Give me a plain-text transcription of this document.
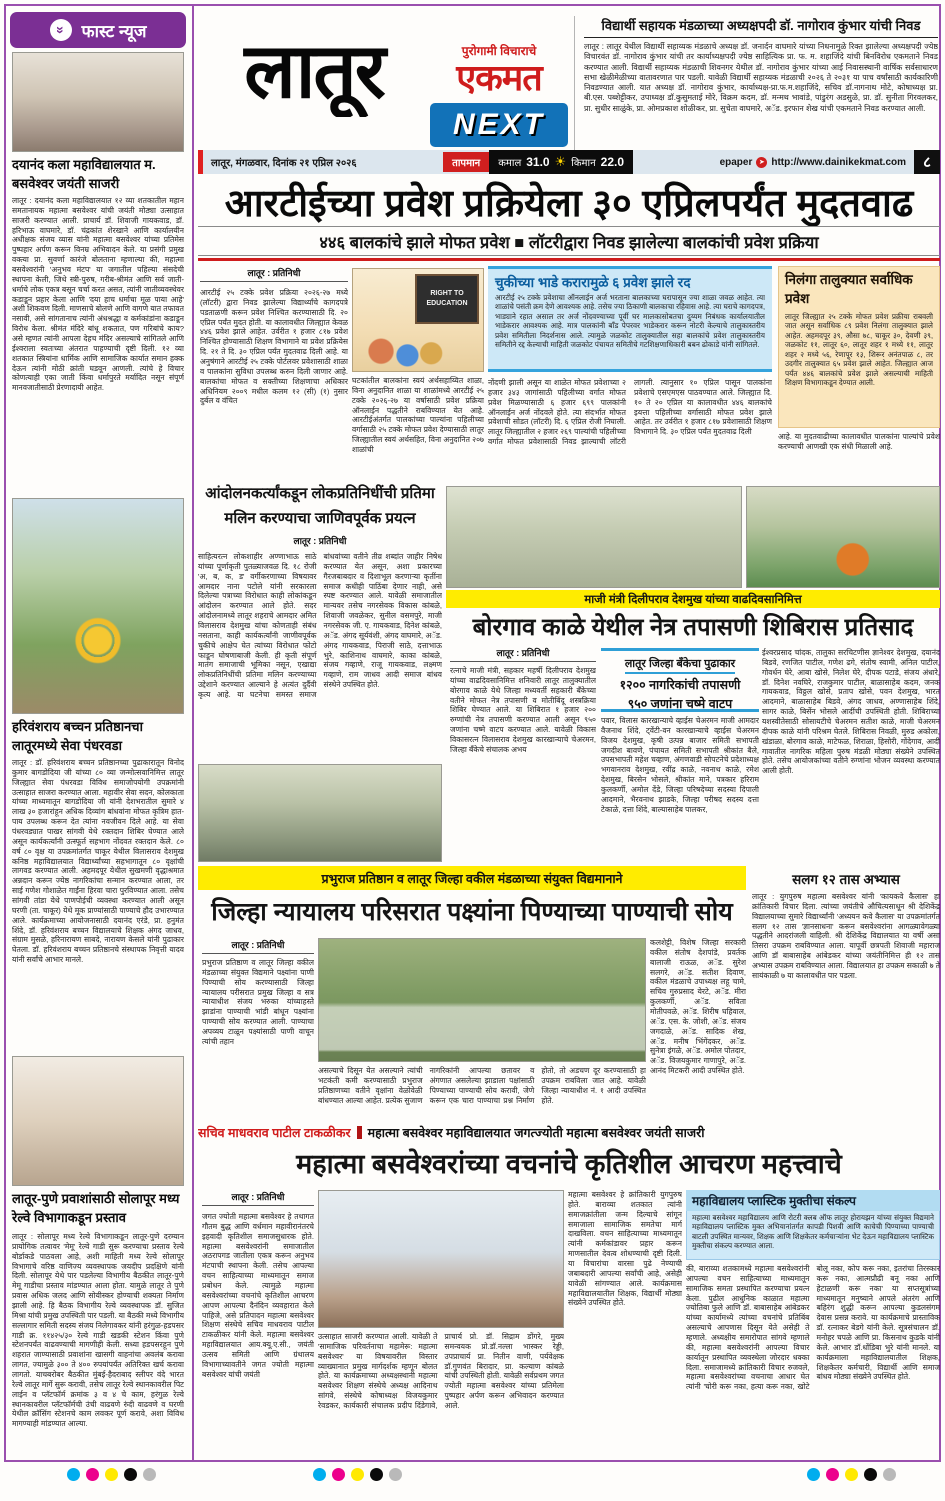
» फास्ट न्यूज
दयानंद कला महाविद्यालयात म. बसवेश्वर जयंती साजरी
लातूर : दयानंद कला महाविद्यालयात १२ व्या शतकातील महान समतानायक महात्मा बसवेश्वर यांची जयंती मोठ्या उत्साहात साजरी करण्यात आली. प्राचार्य डॉ. शिवाजी गायकवाड, डॉ. हरिभाऊ वाघमारे, डॉ. चंद्रकांत शेरखाने आणि कार्यालयीन अधीक्षक संजय व्यास यांनी महात्मा बसवेश्वर यांच्या प्रतिमेस पुष्पहार अर्पण करून विनम्र अभिवादन केले. या प्रसंगी प्रमुख वक्त्या प्रा. सुवर्णा कारंजे बोलताना म्हणाल्या की, महात्मा बसवेश्वरांनी 'अनुभव मंटप' या जगातील पहिल्या संसदेची स्थापना केली, जिथे स्त्री-पुरुष, गरीब-श्रीमंत आणि सर्व जाती-धर्माचे लोक एकत्र बसून चर्चा करत असत, त्यांनी जातीव्यवस्थेवर कडाडून प्रहार केला आणि 'दया हाच धर्माचा मूळ पाया आहे' अशी शिकवण दिली. माणसाचे बोलणे आणि वागणे यात तफावत नसावी, असे सांगतानाच त्यांनी अंधश्रद्धा व कर्मकांडांना कडाडून विरोध केला. श्रीमंत मंदिरे बांधू शकतात, पण गरिबांचे काय? असे म्हणत त्यांनी आपला देहच मंदिर असल्याचे सांगितले आणि ईश्वराला स्वतःच्या अंतरात पाहण्याची दृष्टी दिली. १२ व्या शतकात स्त्रियांना धार्मिक आणि सामाजिक कार्यात समान हक्क देऊन त्यांनी मोठी क्रांती घडवून आणली. त्यांचे हे विचार कोणत्याही एका जाती किंवा धर्मापुरते मर्यादित नसून संपूर्ण मानवजातीसाठी प्रेरणादायी आहेत.
हरिवंशराय बच्चन प्रतिष्ठानचा लातूरमध्ये सेवा पंधरवडा
लातूर : डॉ. हरिवंशराय बच्चन प्रतिष्ठानच्या पुढाकारातून विनोद कुमार बागडोदिया जी यांच्या ८० व्या जन्मोत्सवानिमित्त लातूर जिल्ह्यात सेवा पंधरवडा विविध समाजोपयोगी उपक्रमांनी उत्साहात साजरा करण्यात आला. महावीर सेवा सदन, कोलकाता यांच्या माध्यमातून बागडोदिया जी यांनी देशभरातील सुमारे ४ लाख ३० हजारांहून अधिक दिव्यांग बांधवांना मोफत कृत्रिम हात-पाय उपलब्ध करून देत त्यांना नवजीवन दिले आहे. या सेवा पंधरवड्यात पाखर सांगवी येथे रक्तदान शिबिर घेण्यात आले असून कार्यकर्त्यांनी उत्स्फूर्त सहभाग नोंदवत रक्तदान केले. ८० वर्ष ८० वृक्ष या उपक्रमांतर्गत चाकूर येथील विलासराव देशमुख कनिष्ठ महाविद्यालयात विद्यार्थ्यांच्या सहभागातून ८० वृक्षांची लागवड करण्यात आली. अहमदपूर येथील सुखमणी वृद्धाश्रमात अन्नदान करून ज्येष्ठ नागरिकांचा सन्मान करण्यात आला, तर साई गणेश गोशाळेत गाईंना हिरवा चारा पुरविण्यात आला. तसेच सांगवी तांडा येथे पाणपोईची व्यवस्था करण्यात आली असून घरणी (ता. चाकूर) येथे मूक प्राण्यांसाठी पाण्याचे हौद उभारण्यात आले. कार्यक्रमाच्या आयोजनासाठी दयानंद एरंडे, प्रा. हनुमंत शिंदे, डॉ. हरिवंशराय बच्चन विद्यालयाचे शिक्षक अंगद जाधव, संग्राम मुसळे, हरिनारायण साबदे, नारायण केसले यांनी पुढाकार घेतला. डॉ. हरिवंशराय बच्चन प्रतिष्ठानचे संस्थापक निवृत्ती यादव यांनी सर्वांचे आभार मानले.
लातूर-पुणे प्रवाशांसाठी सोलापूर मध्य रेल्वे विभागाकडून प्रस्ताव
लातूर : सोलापूर मध्य रेल्वे विभागाकडून लातूर-पुणे दरम्यान प्रायोगिक तत्वावर 'मेमू' रेल्वे गाडी सुरू करण्याचा प्रस्ताव रेल्वे बोर्डाकडे पाठवला आहे, अशी माहिती मध्य रेल्वे सोलापूर विभागाचे वरिष्ठ वाणिज्य व्यवस्थापक जयदीप प्रदक्षिणे यांनी दिली. सोलापूर येथे पार पडलेल्या विभागीय बैठकीत लातूर-पुणे मेमू गाडीचा प्रस्ताव मांडण्यात आला होता. यामुळे लातूर ते पुणे प्रवास अधिक जलद आणि सोयीस्कर होण्याची शक्यता निर्माण झाली आहे. हि बैठक विभागीय रेल्वे व्यवस्थापक डॉ. सुजित मिश्रा यांची प्रमुख उपस्थिती पार पडली. या बैठकी मध्ये विभागीय सल्लागार समिती सदस्य संजय निलेगावकर यांनी हरंगुळ-हडपसर गाडी क्र. ११४२५/३० रेल्वे गाडी खडकी स्टेशन किंवा पुणे स्टेशनपर्यंत वाढवण्याची मागणीही केली. सध्या हडपसरहून पुणे शहरात जाण्यासाठी प्रवाशांना खासगी वाहनांचा अवलंब करावा लागत, ज्यामुळे ३०० ते ४०० रुपयांपर्यंत अतिरिक्त खर्च करावा लागतो. याचबरोबर बैठकीत मुंबई-हैदराबाद स्लीपर वंदे भारत रेल्वे लातूर मार्गे सुरू करावी, तसेच लातूर रेल्वे स्थानकावरील पिट लाईन व प्लॅटफॉर्म क्रमांक ३ व ४ चे काम, हरंगुळ रेल्वे स्थानकावरील प्लॅटफॉर्मची उंची वाढवणे रुंदी वाढवणे व घरणी येथील क्रॉसिंग स्टेशनचे काम लवकर पूर्ण करावे, अशा विविध मागण्याही मांडण्यात आल्या.
लातूर	पुरोगामी विचाराचे
एकमत
NEXT
विद्यार्थी सहायक मंडळाच्या अध्यक्षपदी डॉ. नागोराव कुंभार यांची निवड
लातूर : लातूर येथील विद्यार्थी सहाय्यक मंडळाचे अध्यक्ष डॉ. जनार्दन वाघमारे यांच्या निधनामुळे रिक्त झालेल्या अध्यक्षपदी ज्येष्ठ विचारवंत डॉ. नागोराव कुंभार यांची तर कार्याध्यक्षपदी ज्येष्ठ साहित्यिक प्रा. फ. म. शहाजिंदे यांची बिनविरोध एकमताने निवड करण्यात आली. विद्यार्थी सहाय्यक मंडळाची शिवनगर येथील डॉ. नागोराव कुंभार यांच्या आई निवासस्थानी वार्षिक सर्वसाधारण सभा खेळीमेळीच्या वातावरणात पार पडली. यावेळी विद्यार्थी सहाय्यक मंडळाची २०२६ ते २०३१ या पाच वर्षांसाठी कार्यकारिणी निवडण्यात आली. यात अध्यक्ष डॉ. नागोराव कुंभार, कार्याध्यक्ष-प्रा.फ.म.शहाजिंदे, सचिव डॉ.नागनाथ मोटे, कोषाध्यक्ष प्रा. बी.एस. पब्शेट्टीकर, उपाध्यक्ष डॉ.कुसुमताई मोरे, विक्रम कदम, डॉ. मन्मथ भावांडे, पांडुरंग अडसुळे, प्रा. डॉ. सुनीता गिरवलकर, प्रा. सुधीर साळुंके, प्रा. ओमप्रकाश शोळीकर, प्रा. सुचेता वाघमारे, अॅड. इरफान शेख यांची एकमताने निवड करण्यात आली.
लातूर, मंगळवार, दिनांक २१ एप्रिल २०२६	तापमान	कमाल 31.0 ☀ किमान 22.0	epaper ➤ http://www.dainikekmat.com	८
आरटीईच्या प्रवेश प्रक्रियेला ३० एप्रिलपर्यंत मुदतवाढ
४४६ बालकांचे झाले मोफत प्रवेश ■ लॉटरीद्वारा निवड झालेल्या बालकांची प्रवेश प्रक्रिया
लातूर : प्रतिनिधी
आरटीई २५ टक्के प्रवेश प्रक्रिया २०२६-२७ मध्ये (लॉटरी) द्वारा निवड झालेल्या विद्यार्थ्यांचे कागदपत्रे पडताळणी करून प्रवेश निश्चित करण्यासाठी दि. २० एप्रिल पर्यंत मुदत होती. या कालावधीत जिल्ह्यात केवळ ४४६ प्रवेश झाले आहेत. उर्वरीत १ हजार ८१७ प्रवेश निश्चित होण्यासाठी शिक्षण विभागाने या प्रवेश प्रक्रियेस दि. २१ ते दि. ३० एप्रिल पर्यंत मुदतवाढ दिली आहे. या अनुषंगाने आरटीई २५ टक्के पोर्टलवर प्रवेशासाठी शाळा व पालकांना सुविधा उपलब्ध करुन दिली जाणार आहे. बालकांचा मोफत व सक्तीच्या शिक्षणाचा अधिकार अधिनियम २००९ मधील कलम १२ (सी) (१) नुसार दुर्बल व वंचित
RIGHT TO EDUCATION
घटकांतील बालकांना स्वयं अर्थसहाय्यित शाळा, विना अनुदानित शाळा या शाळांमध्ये आरटीई २५ टक्के २०२६-२७ या वर्षासाठी प्रवेश प्रक्रिया ऑनलाईन पद्धतीने राबविण्यात येत आहे. आरटीईअंतर्गत पालकांच्या पाल्यांना पहिलीच्या वर्गासाठी २५ टक्के मोफत प्रवेश देण्यासाठी लातूर जिल्ह्यातील स्वयं अर्थसहित, विना अनुदानित २०७ शाळांची
चुकीच्या भाडे करारामुळे ६ प्रवेश झाले रद
आरटीई २५ टक्के प्रवेशाचा ऑनलाईन अर्ज भरताना बालकाच्या घरापासून ज्या शाळा जवळ आहेत. त्या शाळांचे पसंती क्रम देणे आवश्यक आहे. तसेच ज्या ठिकाणी बालकाचा रहिवास आहे. त्या घराचे कागदपत्र, भाड्याने रहात असाल तर अर्ज नोंदवण्याच्या पूर्वी घर मालकासोबतचा दुय्यम निबंधक कार्यालयातील भाडेकरार आवश्यक आहे. मात्र पालकांनी बॉंड पेपरवर भाडेकरार करून नोटरी केल्याचे तालुकास्तरीय प्रवेश समितीला निदर्शनास आले. त्यामुळे जळकोट तालुक्यातील सहा बालकांचे प्रवेश तालुकास्तरीय समितीने रद्द केल्याची माहिती जळकोट पंचायत समितीचे गटशिक्षणाधिकारी बबन ढोकाडे यांनी सांगितले.
नोंदणी झाली असून या शाळेत मोफत प्रवेशाच्या २ हजार ३४३ जागांसाठी पहिलीच्या वर्गात मोफत प्रवेश मिळण्यासाठी ६ हजार ६९९ पालकांनी ऑनलाईन अर्ज नोंदवले होते. त्या संदर्भात मोफत प्रवेशाची सोडत (लॉटरी) दि. ६ एप्रिल रोजी निघाली. लातूर जिल्ह्यातील २ हजार २६९ पाल्यांची पहिलीच्या वर्गात मोफत प्रवेशासाठी निवड झाल्याची लॉटरी लागली. त्यानुसार १० एप्रिल पासून पालकांना प्रवेशाचे एसएमएस पाठवण्यात आले. जिल्ह्यात दि. १० ते २० एप्रिल या कालावधीत ४४६ बालकांचे इयत्ता पहिलीच्या वर्गासाठी मोफत प्रवेश झाले आहेत. तर उर्वरीत १ हजार ८१७ प्रवेशासाठी शिक्षण विभागाने दि. ३० एप्रिल पर्यंत मुदतवाढ दिली
निलंगा तालुक्यात सर्वाधिक प्रवेश
लातूर जिल्ह्यात २५ टक्के मोफत प्रवेश प्रक्रीया राबवली जात असून सर्वाधिक ८९ प्रवेश निलंगा तालुक्यात झाले आहेत. अहमदपूर ३९, औसा ७८, चाकूर ३०, देवणी ३९, जळकोट ११, लातूर ६०, लातूर शहर १ मध्ये ११, लातूर शहर २ मध्ये ५६, रेणापूर १३, शिरूर अनंतपाळ ८, तर उदगीर तालुक्यात ६५ प्रवेश झाले आहेत. जिल्ह्यात आज पर्यंत ४४६ बालकांचे प्रवेश झाले असल्याची माहिती शिक्षण विभागाकडून देण्यात आली.
आहे. या मुदतवाढीच्या कालावधीत पालकांना पाल्यांचे प्रवेश करण्याची आणखी एक संधी मिळाली आहे.
आंदोलनकर्त्यांकडून लोकप्रतिनिधींची प्रतिमा मलिन करण्याचा जाणिवपूर्वक प्रयत्न
लातूर : प्रतिनिधी
साहित्यरत्न लोकशाहीर अण्णाभाऊ साठे यांच्या पूर्णाकृती पुतळ्याजवळ दि. १८ रोजी 'अ, ब, क, ड' वर्गीकरणाच्या विषयावर आमदार नाना पटोले यांनी सरकारला दिलेल्या पत्राच्या विरोधात काही लोकांकडून आंदोलन करण्यात आले होते. सदर आंदोलनामध्ये लातूर शहराचे आमदार अमित विलासराव देशमुख यांचा कोणताही संबंध नसताना, काही कार्यकर्त्यांनी जाणीवपूर्वक चुकीचे आक्षेप घेत त्यांच्या विरोधात फोटो फाडून घोषणाबाजी केली. ही कृती संपूर्ण मातंग समाजाची भूमिका नसून, एखाद्या लोकप्रतिनिधींची प्रतिमा मलिन करण्याच्या उद्देशाने करण्यात आल्याने हे अत्यंत दुर्दैवी कृत्य आहे. या घटनेचा समस्त समाज बांधवांच्या वतीने तीव्र शब्दांत जाहीर निषेध करण्यात येत असून, अशा प्रकारच्या गैरजबाबदार व दिशाभूल करणाऱ्या कृतींना समाज कधीही पाठिंबा देणार नाही, असे स्पष्ट करण्यात आले. यावेळी समाजातील मान्यवर तसेच नगरसेवक विकास कांबळे, शिवाजी जवळेकर, सुनील वसमपुरे, माजी नगरसेवक जी. ए. गायकवाड, दिनेश कांबळे, अॅड. अंगद सूर्यवंशी, अंगद वाघमारे, अॅड. अंगद गायकवाड, पिराजी साठे, दत्ताभाऊ भुरे, काशिनाथ वाघमारे, काका कांबळे, संजय गव्हाणे, राजू गायकवाड, लक्ष्मण गव्हाणे, राम जाधव आदी समाज बांधव संस्थेने उपस्थित होते.
माजी मंत्री दिलीपराव देशमुख यांच्या वाढदिवसानिमित्त
बोरगाव काळे येथील नेत्र तपासणी शिबिरास प्रतिसाद
लातूर : प्रतिनिधी
रत्नाचे माजी मंत्री, सहकार महर्षी दिलीपराव देशमुख यांच्या वाढदिवसानिमित्त शनिवारी लातूर तालुक्यातील बोरगाव काळे येथे जिल्हा मध्यवर्ती सहकारी बँकेच्या वतीने मोफत नेत्र तपासणी व मोतीबिंदू शस्त्रक्रिया शिबिर घेण्यात आले. या शिबिरात १ हजार २०० रुग्णांची नेत्र तपासणी करण्यात आली असून ९५० जणांना चष्मे वाटप करण्यात आले. यावेळी विकास विकासरत्न विलासराव देशमुख कारखान्याचे चेअरमन, जिल्हा बँकेचे संचालक अभय
लातूर जिल्हा बँकेचा पुढाकार
१२०० नागरिकांची तपासणी
९५० जणांना चष्मे वाटप
पवार, विलास कारखान्याचे व्हाईस चेअरमन माजी आमदार वैजनाथ शिंदे, ट्वेंटी-वन कारखान्याचे व्हाईस चेअरमन विजय देशमुख, कृषी उत्पन्न बाजार समिती सभापती जगदीश बावणे, पंचायत समिती सभापती श्रीकांत बैले, उपसभापती महेश चव्हाण, अंगणवाडी सोपटनेचे प्रदेशाध्यक्ष भगवानराव देशमुख, रवींद्र काळे, नवनाथ काळे, रमेश देशमुख, बिरसेन भोसले, श्रीकांत माने, पत्रकार हरिराम कुलकर्णी, अमोल देंडे, जिल्हा परिषदेच्या सदस्या दिपाली आदमाने, भैरवनाथ झाडके, जिल्हा परीषद सदस्य दत्ता टेकाळे, दत्ता शिंदे, बाल्यासाहेब पालकर,
ईश्वरप्रसाद चांदक, तालुका सरचिटणीस ज्ञानेश्वर देशमुख, दयानंद बिडवे, रणजित पाटील, गणेश ढगे, संतोष स्वामी, अनिल पाटील, गोवर्धन घेरे, आबा खोसे, निलेश घेरे, दीपक पटाडे, संजय अंधारे, डॉ. दिनेश नवघिरे, राजकुमार पाटील, बाळासाहेब कदम, जनक गायकवाड, विठ्ठल खोसे, प्रताप खोसे, पवन देशमुख, भारत आदमाने, बाळासाहेब बिडवे, अंगद जाधव, अण्णासाहेब शिंदे, सागर काळे, बिर्सेन भोसले आदींची उपस्थिती होती. शिबिराच्या यशस्वीतेसाठी सोसायटीचे चेअरमन सतीश काळे, माजी चेअरमन दीपक काळे यांनी परिश्रम घेतले. शिबिरास निवळी, मुरुड अकोला, खंडाळा, बोरगाव काळे, माटेफळ, शिराळा, हिसोरी, गोंदेगाव, आदी गावातील नागरिक महिला पुरुष मंडळी मोठ्या संख्येने उपस्थित होते. तसेच आयोजकांच्या वतीने रुग्णांना भोजन व्यवस्था करण्यात आली होती.
प्रभुराज प्रतिष्ठान व लातूर जिल्हा वकील मंडळाच्या संयुक्त विद्यमानाने
जिल्हा न्यायालय परिसरात पक्ष्यांना पिण्याच्या पाण्याची सोय
लातूर : प्रतिनिधी
प्रभुराज प्रतिष्ठाण व लातूर जिल्हा वकील मंडळाच्या संयुक्त विद्यमाने पक्ष्यांना पाणी पिण्याची सोय करण्यासाठी जिल्हा न्यायालय परीसरात प्रमुख जिल्हा व सत्र न्यायाधीश संजय भरुका यांच्याहस्ते झाडांना पाण्याची भांडी बांधून पक्ष्यांना पाण्याची सोय करण्यात आली. पाण्याचा अपव्यय टाळून पक्ष्यांसाठी पाणी वाचून त्यांची तहान
कलशेट्टी, विशेष जिल्हा सरकारी वकील संतोष देशपांडे, प्रवर्तक बालाजी राऊळ, अॅड. सुरेश सलगरे, अॅड. सतीश दिवाण, वकील मंडळाचे उपाध्यक्ष लहू चामे, सचिव गुरुप्रसाद येरटे, अॅड. मीरा कुलकर्णी, अॅड. सविता मोतीपवळे, अॅड. शिरीष घहिवाल, अॅड. एस. के. जोशी, अॅड. संजय जगदाळे, अॅड. सादिक शेख, अॅड. मनीष भिंगेंदकर, अॅड. सुनेत्रा इंगळे, अॅड. अमोल पोतदार, अॅड. विजयकुमार गाणापुरे, अॅड. आनंद मिटकरी आदी उपस्थित होते.
असल्याचे दिसून येत असल्याने त्यांची भटकंती कमी करण्यासाठी प्रभुराज प्रतिष्ठाणच्या वतीने वृक्षांना वेळोवेळी बांधण्यात आल्या आहेत. प्रत्येक सुजाण नागरिकांनी आपल्या छतावर व अंगणात असलेल्या झाडाला पक्षांसाठी पिण्याच्या पाण्याची सोय करावी, जेणे करून एक चारा पाण्याचा प्रश्न निर्माण होतो, तो अडचण दूर करण्यासाठी हा उपक्रम राबविला जात आहे. यावेळी जिल्हा न्यायाधीश नं. १ आदी उपस्थित होते.
सलग १२ तास अभ्यास
लातूर : युगपुरुष महात्मा बसवेश्वर यांनी 'कायकवे कैलास' हा क्रांतिकारी विचार दिला. त्यांच्या जयंतीचे औचित्यसाधून श्री देशिकेंद्र विद्यालयाच्या सुमारे विद्यार्थ्यांनी 'अध्ययन कवे कैलास' या उपक्रमांतर्गत सलग १२ तास 'ज्ञानसाधना' करून बसवेश्वरांना आगळ्यावेगळ्या पद्धतीने आदरांजली वाहिली. श्री देशिकेंद्र विद्यालयात या वर्षी असा तिसरा उपक्रम राबविण्यात आला. यापूर्वी छत्रपती शिवाजी महाराज आणि डॉ बाबासाहेब आंबेडकर यांच्या जयंतीनिमित्त ही १२ तास अभ्यास उपक्रम राबविण्यात आला. विद्यालयात हा उपक्रम सकाळी ७ ते सायंकाळी ७ या कालावधीत पार पडला.
सचिव माधवराव पाटील टाकळीकर महात्मा बसवेश्वर महाविद्यालयात जगत्ज्योती महात्मा बसवेश्वर जयंती साजरी
महात्मा बसवेश्वरांच्या वचनांचे कृतिशील आचरण महत्त्वाचे
लातूर : प्रतिनिधी
जगत ज्योती महात्मा बसवेश्वर हे तथागत गौतम बुद्ध आणि वर्धमान महावीरानंतरचे इहवादी कृतिशील समाजसुधारक होते. महात्मा बसवेश्वरांनी समाजातील अठरापगड जातीला एकत्र करून अनुभव मंटपाची स्थापना केली. तसेच आपल्या वचन साहित्याच्या माध्यमातून समाज प्रबोधन केले. त्यामुळे महात्मा बसवेश्वरांच्या वचनांचे कृतिशील आचरण आपण आपल्या दैनंदिन व्यवहारात केले पाहिजे, असे प्रतिपादन महात्मा बसवेश्वर शिक्षण संस्थेचे सचिव माधवराव पाटील टाकळीकर यांनी केले. महात्मा बसवेश्वर महाविद्यालयात आय.क्यू.ए.सी., जयंती उत्सव समिती आणि ग्रंथालय विभागाच्यावतीने जगत ज्योती महात्मा बसवेश्वर यांची जयंती
उत्साहात साजरी करण्यात आली. यावेळी ते 'सामाजिक परिवर्तनाचा महामेरू: महात्मा बसवेश्वर' या विषयावरील विस्तार व्याख्यानात प्रमुख मार्गदर्शक म्हणून बोलत होते. या कार्यक्रमाच्या अध्यक्षस्थानी महात्मा बसवेश्वर शिक्षण संस्थेचे अध्यक्ष आदिनाथ सांगवे, संस्थेचे कोषाध्यक्ष विजयकुमार रेवडकर, कार्यकारी संचालक प्रदीप दिंडेगावे, प्राचार्य प्रो. डॉ. सिद्राम डोंगरे, मुख्य समन्वयक प्रो.डॉ.नल्ला भास्कर रेड्डी, उपप्राचार्य प्रा. नितीन वाणी, पर्यवेक्षक डॉ.गुणवंत बिरादार, प्रा. कल्याण कांबळे यांची उपस्थिती होती. यावेळी सर्वप्रथम जगत ज्योती महात्मा बसवेश्वर यांच्या प्रतिमेला पुष्पहार अर्पण करून अभिवादन करण्यात आले.
महात्मा बसवेश्वर हे क्रांतिकारी युगपुरुष होते. बाराव्या शतकात त्यांनी समाजक्रांतीला जन्म दिल्याचे सांगून समाजाला सामाजिक समतेचा मार्ग दाखविला. वचन साहित्याच्या माध्यमातून त्यांनी कर्मकांडावर प्रहार करून माणसातील देवत्व शोधण्याची दृष्टी दिली. या विचारांचा वारसा पुढे नेण्याची जबाबदारी आपल्या सर्वांची आहे, असेही यावेळी सांगण्यात आले. कार्यक्रमास महाविद्यालयातील शिक्षक, विद्यार्थी मोठ्या संख्येने उपस्थित होते.
महाविद्यालय प्लास्टिक मुक्तीचा संकल्प
महात्मा बसवेश्वर महाविद्यालय आणि रोटरी क्लब ऑफ लातूर होरायझन यांच्या संयुक्त विद्यमाने महाविद्यालय प्लास्टिक मुक्त अभियानांतर्गत कापडी पिशवी आणि काचेची पिण्याच्या पाण्याची बाटली उपस्थित मान्यवर, शिक्षक आणि शिक्षकेतर कर्मचाऱ्यांना भेट देऊन महाविद्यालय प्लास्टिक मुक्तीचा संकल्प करण्यात आला.
की, बाराव्या शतकामध्ये महात्मा बसवेश्वरांनी आपल्या वचन साहित्याच्या माध्यमातून सामाजिक समता प्रस्थापित करण्याचा प्रयत्न केला. पुढील आधुनिक काळात महात्मा ज्योतिबा फुले आणि डॉ. बाबासाहेब आंबेडकर यांच्या कार्यामध्ये त्यांच्या वचनांचे प्रतिबिंब असल्याचे आपणास दिसून येते असेही ते म्हणाले. अध्यक्षीय समारोपात सांगवे म्हणाले की, महात्मा बसवेश्वरांनी आपल्या विचार कार्यातून प्रस्थापित व्यवस्थेला जोरदार धक्का दिला. समाजामध्ये क्रांतिकारी विचार रुजवले, महात्मा बसवेश्वरांच्या वचनाचा आधार घेत त्यांनी 'चोरी करू नका, हत्या करू नका, खोटे बोलू नका, कोप करू नका, इतरांचा तिरस्कार करू नका, आत्मप्रौढी बनू नका आणि हेटाळणी करू नका' या सप्तसूत्रांच्या माध्यमातून मनुष्याने आपले अंतरंग आणि बहिरंग शुद्धी करून आपल्या कुडलसंगम देवास प्रसन्न करावे. या कार्यक्रमाचे प्रास्ताविक डॉ. रत्नाकर बेडगे यांनी केले. सूत्रसंचालन डॉ. मनोहर चपळे आणि प्रा. किसनाथ कुडके यांनी केले. आभार डॉ.धोंडिबा भुरे यांनी मानले. या कार्यक्रमाला महाविद्यालयातील शिक्षक, शिक्षकेतर कर्मचारी, विद्यार्थी आणि समाज बांधव मोठ्या संख्येने उपस्थित होते.
